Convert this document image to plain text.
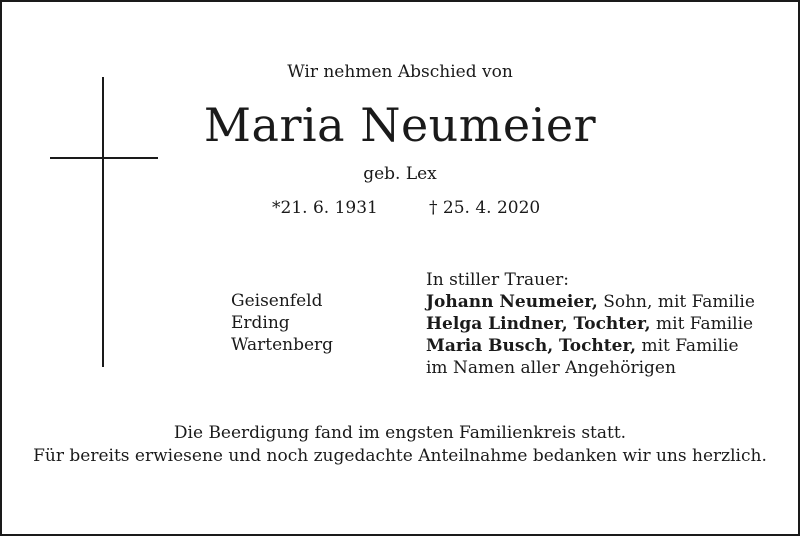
Wir nehmen Abschied von
Maria Neumeier
geb. Lex
*21. 6. 1931	† 25. 4. 2020
Geisenfeld
Erding
Wartenberg
In stiller Trauer:
Johann Neumeier, Sohn, mit Familie
Helga Lindner, Tochter, mit Familie
Maria Busch, Tochter, mit Familie
im Namen aller Angehörigen
Die Beerdigung fand im engsten Familienkreis statt.
Für bereits erwiesene und noch zugedachte Anteilnahme bedanken wir uns herzlich.
